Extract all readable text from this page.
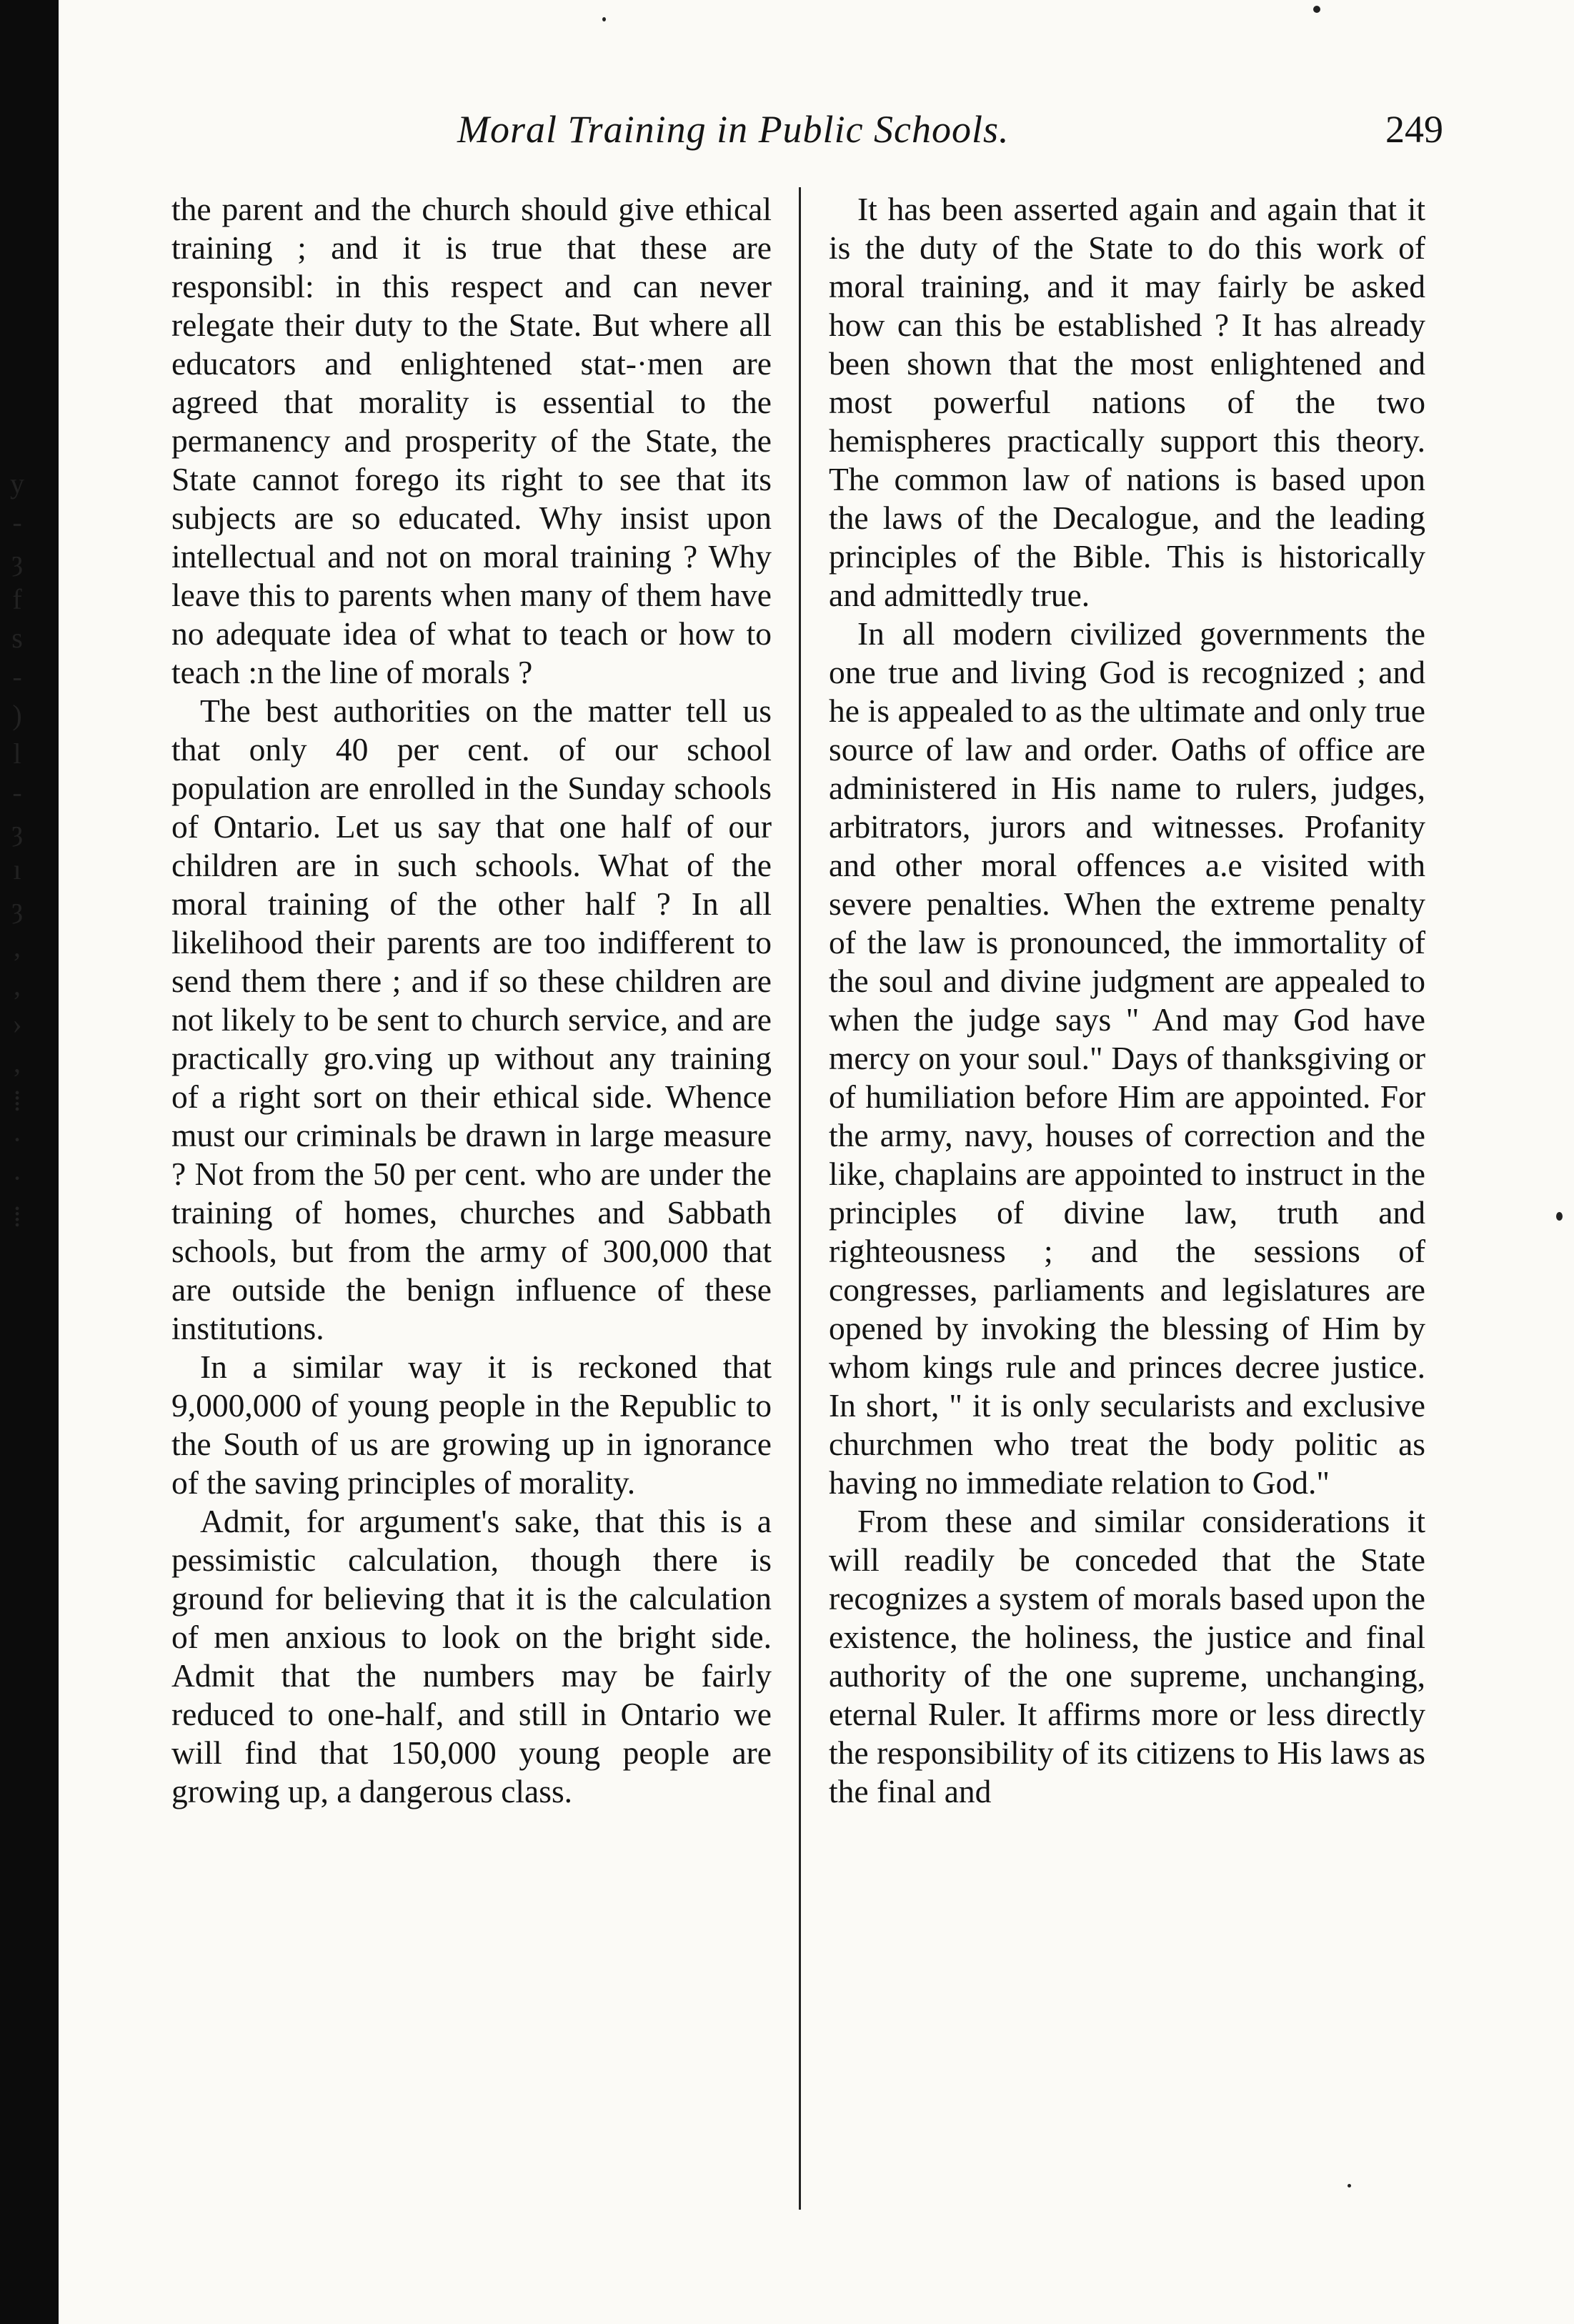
y
-
ȝ
f
s
-
)
l
-
ȝ
ı
ȝ
,
,
›
,
⁞
·
·
⁞
Moral Training in Public Schools.	249

the parent and the church should give ethical training ; and it is true that these are responsibl: in this respect and can never relegate their duty to the State. But where all educators and enlightened stat-·men are agreed that morality is essential to the permanency and prosperity of the State, the State cannot forego its right to see that its subjects are so educated. Why insist upon intellectual and not on moral training ? Why leave this to parents when many of them have no adequate idea of what to teach or how to teach :n the line of morals ?

The best authorities on the matter tell us that only 40 per cent. of our school population are enrolled in the Sunday schools of Ontario. Let us say that one half of our children are in such schools. What of the moral training of the other half ? In all likelihood their parents are too indifferent to send them there ; and if so these children are not likely to be sent to church service, and are practically gro.ving up without any training of a right sort on their ethical side. Whence must our criminals be drawn in large measure ? Not from the 50 per cent. who are under the training of homes, churches and Sabbath schools, but from the army of 300,000 that are outside the benign influence of these institutions.

In a similar way it is reckoned that 9,000,000 of young people in the Republic to the South of us are growing up in ignorance of the saving principles of morality.

Admit, for argument's sake, that this is a pessimistic calculation, though there is ground for believing that it is the calculation of men anxious to look on the bright side. Admit that the numbers may be fairly reduced to one-half, and still in Ontario we will find that 150,000 young people are growing up, a dangerous class.

It has been asserted again and again that it is the duty of the State to do this work of moral training, and it may fairly be asked how can this be established ? It has already been shown that the most enlightened and most powerful nations of the two hemispheres practically support this theory. The common law of nations is based upon the laws of the Decalogue, and the leading principles of the Bible. This is historically and admittedly true.

In all modern civilized governments the one true and living God is recognized ; and he is appealed to as the ultimate and only true source of law and order. Oaths of office are administered in His name to rulers, judges, arbitrators, jurors and witnesses. Profanity and other moral offences a.e visited with severe penalties. When the extreme penalty of the law is pronounced, the immortality of the soul and divine judgment are appealed to when the judge says " And may God have mercy on your soul." Days of thanksgiving or of humiliation before Him are appointed. For the army, navy, houses of correction and the like, chaplains are appointed to instruct in the principles of divine law, truth and righteousness ; and the sessions of congresses, parliaments and legislatures are opened by invoking the blessing of Him by whom kings rule and princes decree justice. In short, " it is only secularists and exclusive churchmen who treat the body politic as having no immediate relation to God."

From these and similar considerations it will readily be conceded that the State recognizes a system of morals based upon the existence, the holiness, the justice and final authority of the one supreme, unchanging, eternal Ruler. It affirms more or less directly the responsibility of its citizens to His laws as the final and
